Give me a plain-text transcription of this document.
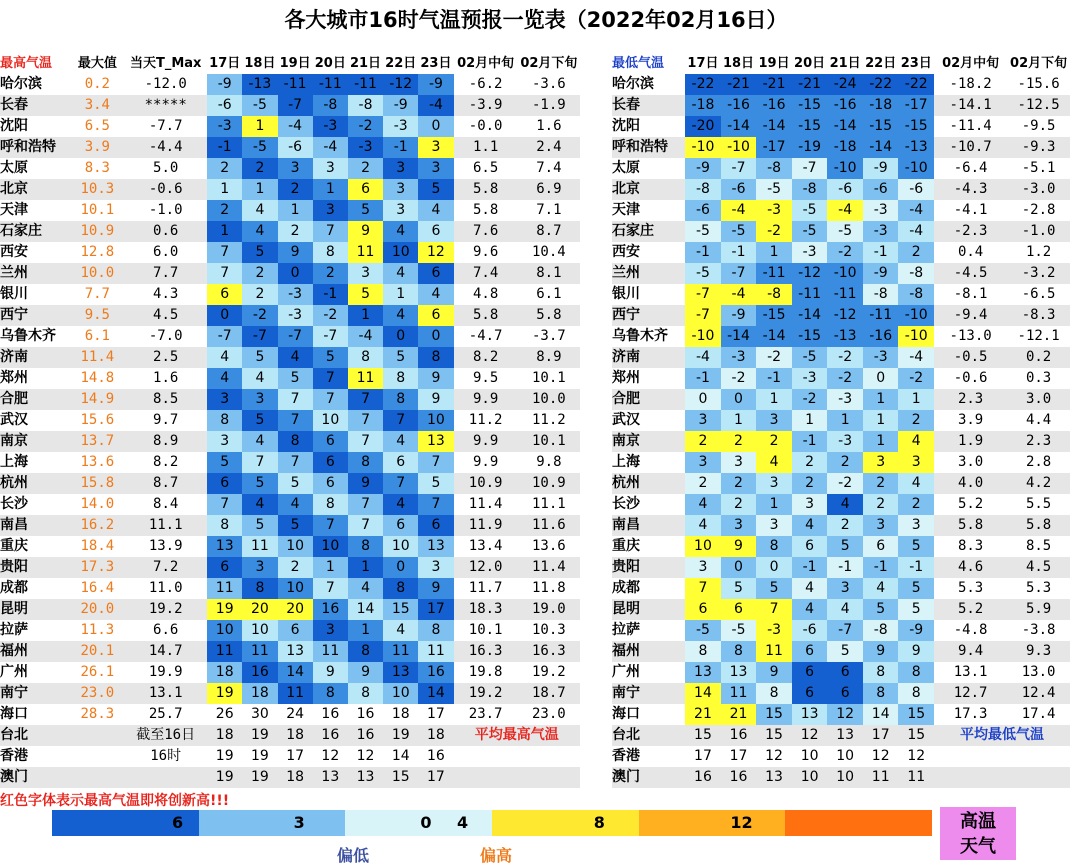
各大城市16时气温预报一览表（2022年02月16日）
最高气温	最大值	当天T_Max	17日	18日	19日	20日	21日	22日	23日	02月中旬	02月下旬
哈尔滨	0.2	-12.0	-9	-13	-11	-11	-11	-12	-9	-6.2	-3.6
长春	3.4	*****	-6	-5	-7	-8	-8	-9	-4	-3.9	-1.9
沈阳	6.5	-7.7	-3	1	-4	-3	-2	-3	0	-0.0	1.6
呼和浩特	3.9	-4.4	-1	-5	-6	-4	-3	-1	3	1.1	2.4
太原	8.3	5.0	2	2	3	3	2	3	3	6.5	7.4
北京	10.3	-0.6	1	1	2	1	6	3	5	5.8	6.9
天津	10.1	-1.0	2	4	1	3	5	3	4	5.8	7.1
石家庄	10.9	0.6	1	4	2	7	9	4	6	7.6	8.7
西安	12.8	6.0	7	5	9	8	11	10	12	9.6	10.4
兰州	10.0	7.7	7	2	0	2	3	4	6	7.4	8.1
银川	7.7	4.3	6	2	-3	-1	5	1	4	4.8	6.1
西宁	9.5	4.5	0	-2	-3	-2	1	4	6	5.8	5.8
乌鲁木齐	6.1	-7.0	-7	-7	-7	-7	-4	0	0	-4.7	-3.7
济南	11.4	2.5	4	5	4	5	8	5	8	8.2	8.9
郑州	14.8	1.6	4	4	5	7	11	8	9	9.5	10.1
合肥	14.9	8.5	3	3	7	7	7	8	9	9.9	10.0
武汉	15.6	9.7	8	5	7	10	7	7	10	11.2	11.2
南京	13.7	8.9	3	4	8	6	7	4	13	9.9	10.1
上海	13.6	8.2	5	7	7	6	8	6	7	9.9	9.8
杭州	15.8	8.7	6	5	5	6	9	7	5	10.9	10.9
长沙	14.0	8.4	7	4	4	8	7	4	7	11.4	11.1
南昌	16.2	11.1	8	5	5	7	7	6	6	11.9	11.6
重庆	18.4	13.9	13	11	10	10	8	10	13	13.4	13.6
贵阳	17.3	7.2	6	3	2	1	1	0	3	12.0	11.4
成都	16.4	11.0	11	8	10	7	4	8	9	11.7	11.8
昆明	20.0	19.2	19	20	20	16	14	15	17	18.3	19.0
拉萨	11.3	6.6	10	10	6	3	1	4	8	10.1	10.3
福州	20.1	14.7	11	11	13	11	8	11	11	16.3	16.3
广州	26.1	19.9	18	16	14	9	9	13	16	19.8	19.2
南宁	23.0	13.1	19	18	11	8	8	10	14	19.2	18.7
海口	28.3	25.7	26	30	24	16	16	18	17	23.7	23.0
台北		截至16日	18	19	18	16	16	19	18	平均最高气温	
香港		16时	19	19	17	12	12	14	16		
澳门			19	19	18	13	13	15	17		
最低气温	17日	18日	19日	20日	21日	22日	23日	02月中旬	02月下旬
哈尔滨	-22	-21	-21	-21	-24	-22	-22	-18.2	-15.6
长春	-18	-16	-16	-15	-16	-18	-17	-14.1	-12.5
沈阳	-20	-14	-14	-15	-14	-15	-15	-11.4	-9.5
呼和浩特	-10	-10	-17	-19	-18	-14	-13	-10.7	-9.3
太原	-9	-7	-8	-7	-10	-9	-10	-6.4	-5.1
北京	-8	-6	-5	-8	-6	-6	-6	-4.3	-3.0
天津	-6	-4	-3	-5	-4	-3	-4	-4.1	-2.8
石家庄	-5	-5	-2	-5	-5	-3	-4	-2.3	-1.0
西安	-1	-1	1	-3	-2	-1	2	0.4	1.2
兰州	-5	-7	-11	-12	-10	-9	-8	-4.5	-3.2
银川	-7	-4	-8	-11	-11	-8	-8	-8.1	-6.5
西宁	-7	-9	-15	-14	-12	-11	-10	-9.4	-8.3
乌鲁木齐	-10	-14	-14	-15	-13	-16	-10	-13.0	-12.1
济南	-4	-3	-2	-5	-2	-3	-4	-0.5	0.2
郑州	-1	-2	-1	-3	-2	0	-2	-0.6	0.3
合肥	0	0	1	-2	-3	1	1	2.3	3.0
武汉	3	1	3	1	1	1	2	3.9	4.4
南京	2	2	2	-1	-3	1	4	1.9	2.3
上海	3	3	4	2	2	3	3	3.0	2.8
杭州	2	2	3	2	-2	2	4	4.0	4.2
长沙	4	2	1	3	4	2	2	5.2	5.5
南昌	4	3	3	4	2	3	3	5.8	5.8
重庆	10	9	8	6	5	6	5	8.3	8.5
贵阳	3	0	0	-1	-1	-1	-1	4.6	4.5
成都	7	5	5	4	3	4	5	5.3	5.3
昆明	6	6	7	4	4	5	5	5.2	5.9
拉萨	-5	-5	-3	-6	-7	-8	-9	-4.8	-3.8
福州	8	8	11	6	5	9	9	9.4	9.3
广州	13	13	9	6	6	8	8	13.1	13.0
南宁	14	11	8	6	6	8	8	12.7	12.4
海口	21	21	15	13	12	14	15	17.3	17.4
台北	15	16	15	12	13	17	15	平均最低气温	
香港	17	17	12	10	10	12	12		
澳门	16	16	13	10	10	11	11		
红色字体表示最高气温即将创新高!!!
6	3	0 4	8	12
偏低	偏高
高温
天气
